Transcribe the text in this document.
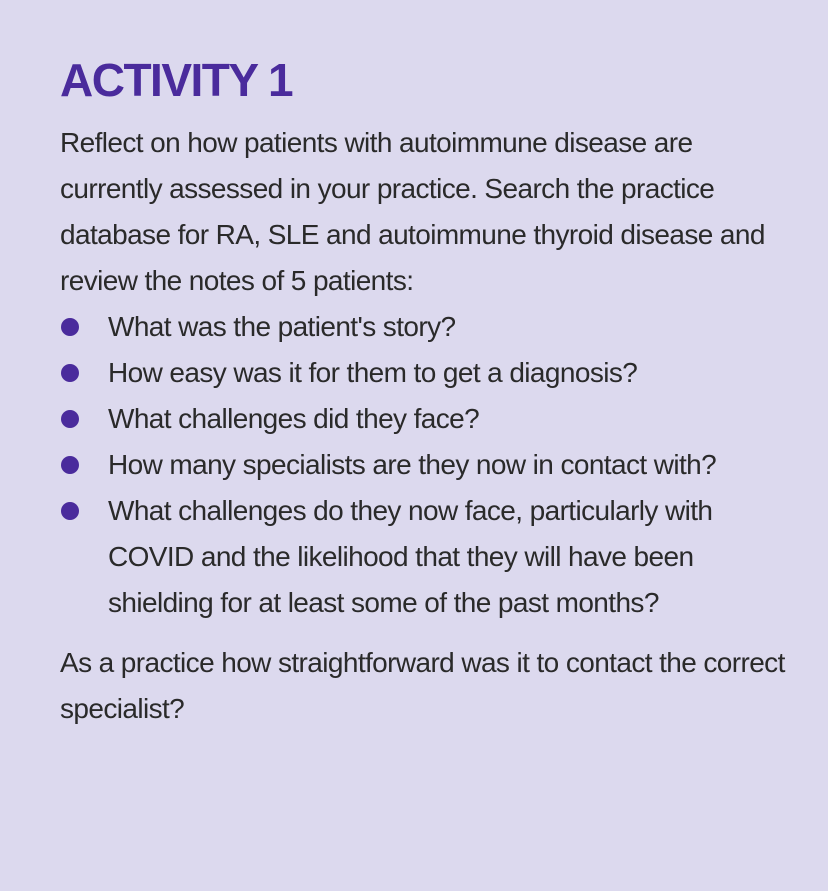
ACTIVITY 1

Reflect on how patients with autoimmune disease are currently assessed in your practice. Search the practice database for RA, SLE and autoimmune thyroid disease and review the notes of 5 patients:

What was the patient's story?
How easy was it for them to get a diagnosis?
What challenges did they face?
How many specialists are they now in contact with?
What challenges do they now face, particularly with COVID and the likelihood that they will have been shielding for at least some of the past months?

As a practice how straightforward was it to contact the correct specialist?
